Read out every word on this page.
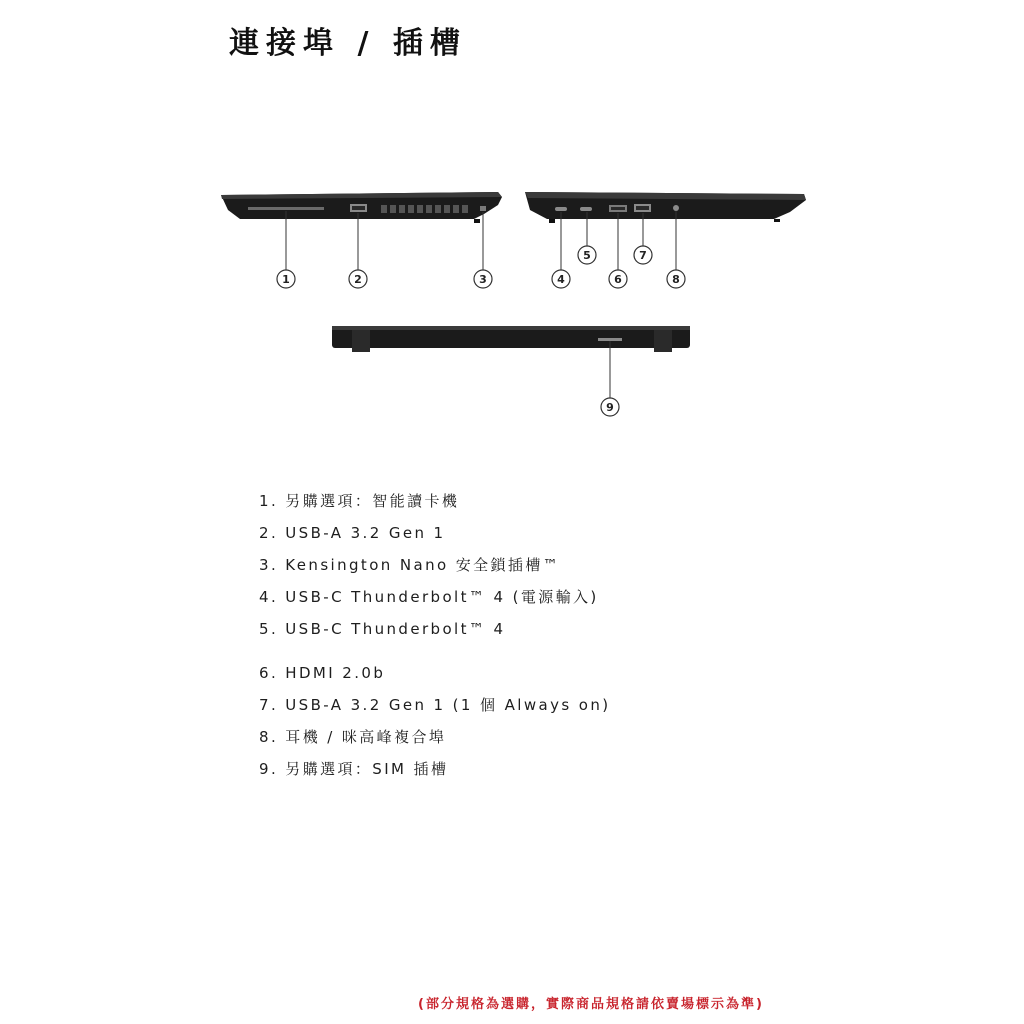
連接埠 / 插槽
1	2	3	4
5
6
7
8
9
1. 另購選項：智能讀卡機
2. USB-A 3.2 Gen 1
3. Kensington Nano 安全鎖插槽™
4. USB-C Thunderbolt™ 4 (電源輸入)
5. USB-C Thunderbolt™ 4
6. HDMI 2.0b
7. USB-A 3.2 Gen 1 (1 個 Always on)
8. 耳機 / 咪高峰複合埠
9. 另購選項：SIM 插槽
(部分規格為選購，實際商品規格請依賣場標示為準)
